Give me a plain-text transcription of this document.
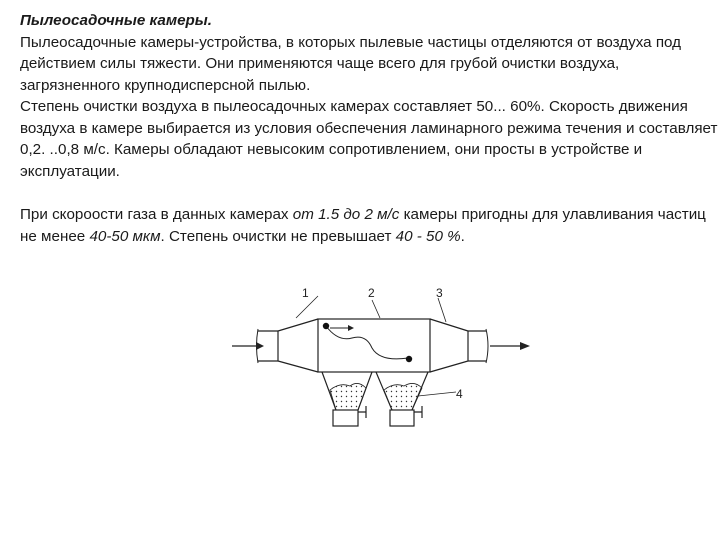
Пылеосадочные камеры.

Пылеосадочные камеры-устройства, в которых пылевые частицы отделяются от воздуха под действием силы тяжести. Они применяются чаще всего для грубой очистки воздуха, загрязненного крупнодисперсной пылью.

Степень очистки воздуха в пылеосадочных камерах составляет 50... 60%. Скорость движения воздуха в камере выбирается из условия обеспечения ламинарного режима течения и составляет 0,2. ..0,8 м/с. Камеры обладают невысоким сопротивлением, они просты в устройстве и эксплуатации.

При скорооcти газа в данных камерах от 1.5 до 2 м/с камеры пригодны для улавливания частиц не менее 40-50 мкм. Степень очистки не превышает 40 - 50 %.

1	2	3
4
